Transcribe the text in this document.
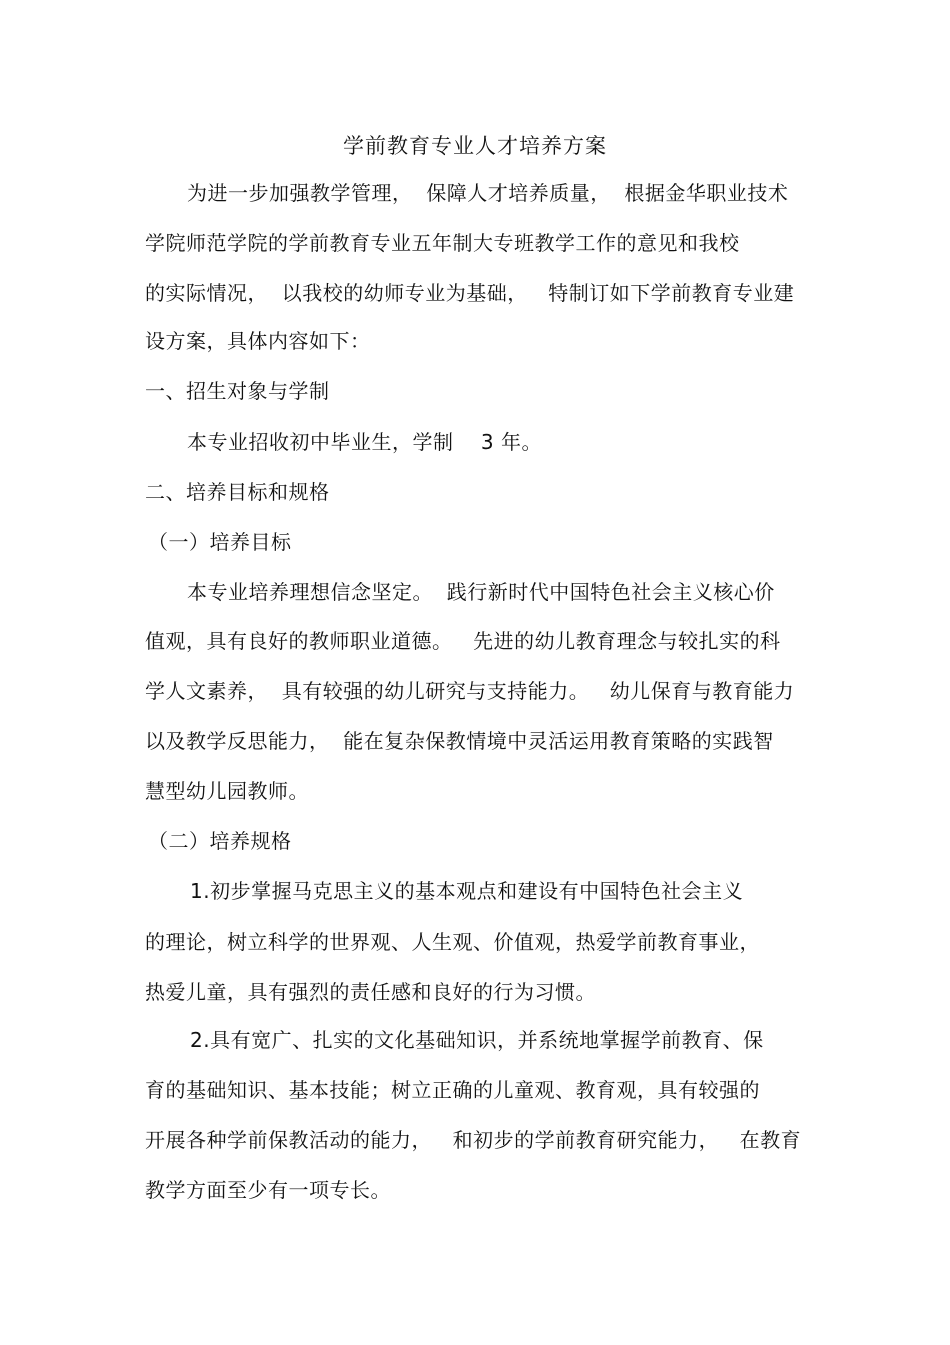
学前教育专业人才培养方案
为进一步加强教学管理，  保障人才培养质量，  根据金华职业技术
学院师范学院的学前教育专业五年制大专班教学工作的意见和我校
的实际情况，  以我校的幼师专业为基础，   特制订如下学前教育专业建
设方案，具体内容如下：
一、招生对象与学制
本专业招收初中毕业生，学制    3 年。
二、培养目标和规格
（一）培养目标
本专业培养理想信念坚定。  践行新时代中国特色社会主义核心价
值观，具有良好的教师职业道德。   先进的幼儿教育理念与较扎实的科
学人文素养，  具有较强的幼儿研究与支持能力。   幼儿保育与教育能力
以及教学反思能力，  能在复杂保教情境中灵活运用教育策略的实践智
慧型幼儿园教师。
（二）培养规格
1.初步掌握马克思主义的基本观点和建设有中国特色社会主义
的理论，树立科学的世界观、人生观、价值观，热爱学前教育事业，
热爱儿童，具有强烈的责任感和良好的行为习惯。
2.具有宽广、扎实的文化基础知识，并系统地掌握学前教育、保
育的基础知识、基本技能；树立正确的儿童观、教育观，具有较强的
开展各种学前保教活动的能力，   和初步的学前教育研究能力，   在教育
教学方面至少有一项专长。
